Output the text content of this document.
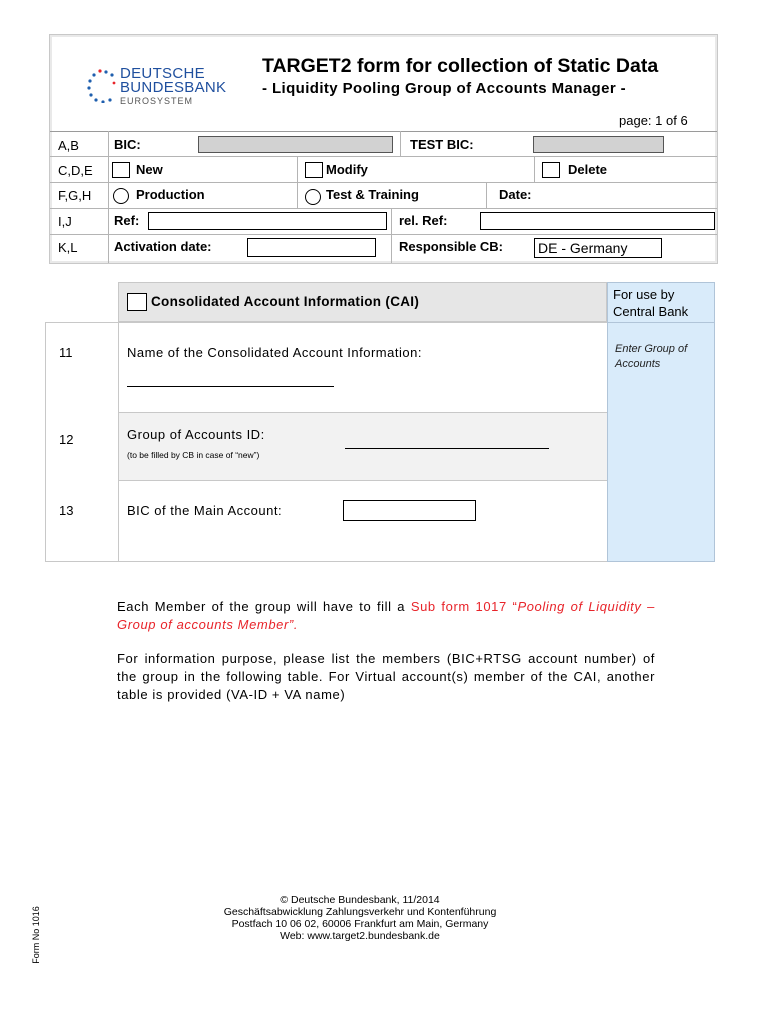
DEUTSCHE
BUNDESBANK
EUROSYSTEM
TARGET2 form for collection of Static Data
- Liquidity Pooling Group of Accounts Manager -
page: 1 of 6
A,B	BIC:	TEST BIC:
C,D,E	New	Modify	Delete
F,G,H	Production	Test & Training	Date:
I,J	Ref:	rel. Ref:
K,L	Activation date:	Responsible CB: DE - Germany
For use by Central Bank
Enter Group of Accounts
Consolidated Account Information (CAI)
11	Name of the Consolidated Account Information:
12	Group of Accounts ID:
(to be filled by CB in case of “new”)
13	BIC of the Main Account:
Each Member of the group will have to fill a Sub form 1017 “Pooling of Liquidity – Group of accounts Member”.
For information purpose, please list the members (BIC+RTSG account number) of the group in the following table. For Virtual account(s) member of the CAI, another table is provided (VA-ID + VA name)
© Deutsche Bundesbank, 11/2014
Geschäftsabwicklung Zahlungsverkehr und Kontenführung
Postfach 10 06 02, 60006 Frankfurt am Main, Germany
Web: www.target2.bundesbank.de
Form No 1016
